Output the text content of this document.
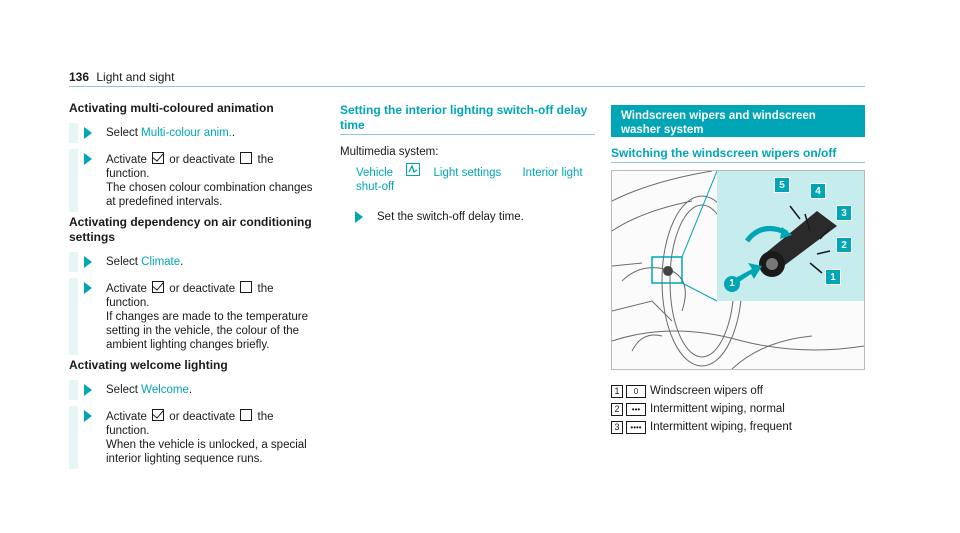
136 Light and sight
Activating multi-coloured animation
Select Multi-colour anim..
Activate  or deactivate  the function.
The chosen colour combination changes at predefined intervals.
Activating dependency on air conditioning settings
Select Climate.
Activate  or deactivate  the function.
If changes are made to the temperature setting in the vehicle, the colour of the ambient lighting changes briefly.
Activating welcome lighting
Select Welcome.
Activate  or deactivate  the function.
When the vehicle is unlocked, a special interior lighting sequence runs.
Setting the interior lighting switch-off delay time
Multimedia system:
Vehicle	Light settings Interior light shut-off
Set the switch-off delay time.
Windscreen wipers and windscreen washer system
Switching the windscreen wipers on/off
1
1
2
3
4
5
1 0 Windscreen wipers off
2 ••• Intermittent wiping, normal
3 •••• Intermittent wiping, frequent
